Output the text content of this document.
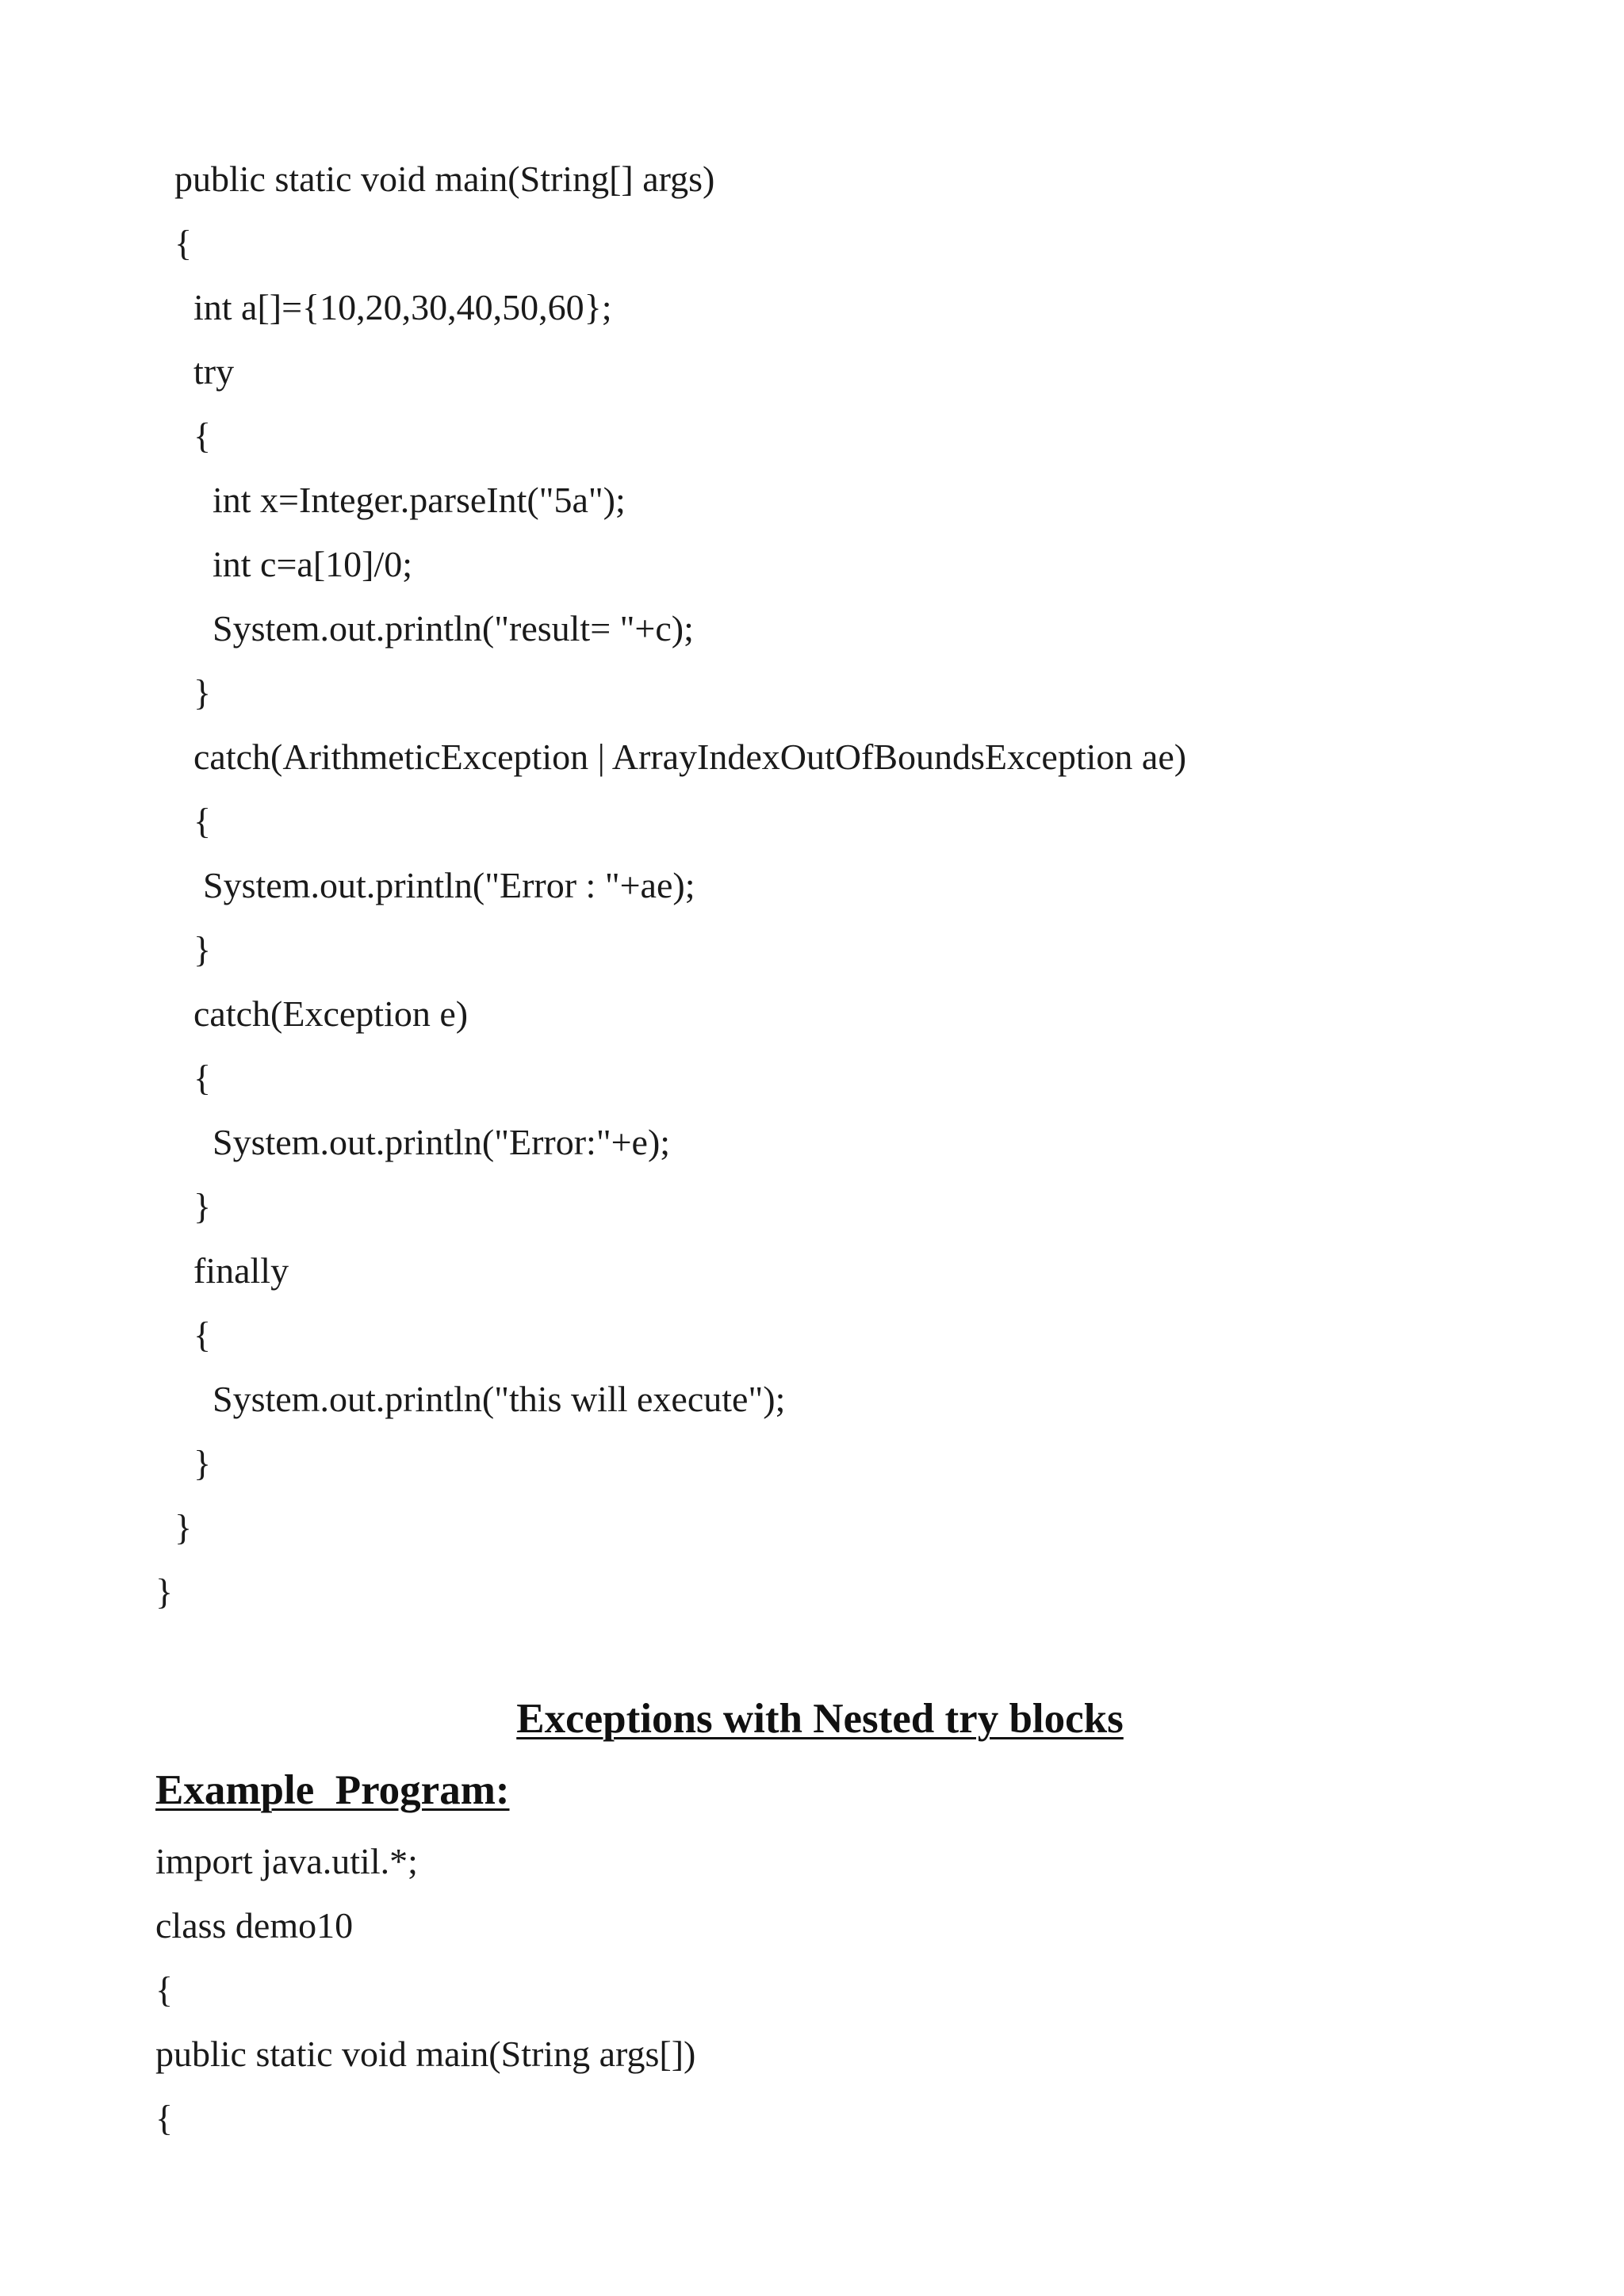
public static void main(String[] args)
{
int a[]={10,20,30,40,50,60};
try
{
int x=Integer.parseInt("5a");
int c=a[10]/0;
System.out.println("result= "+c);
}
catch(ArithmeticException | ArrayIndexOutOfBoundsException ae)
{
System.out.println("Error : "+ae);
}
catch(Exception e)
{
System.out.println("Error:"+e);
}
finally
{
System.out.println("this will execute");
}
}
}
Exceptions with Nested try blocks
Example  Program:
import java.util.*;
class demo10
{
public static void main(String args[])
{
